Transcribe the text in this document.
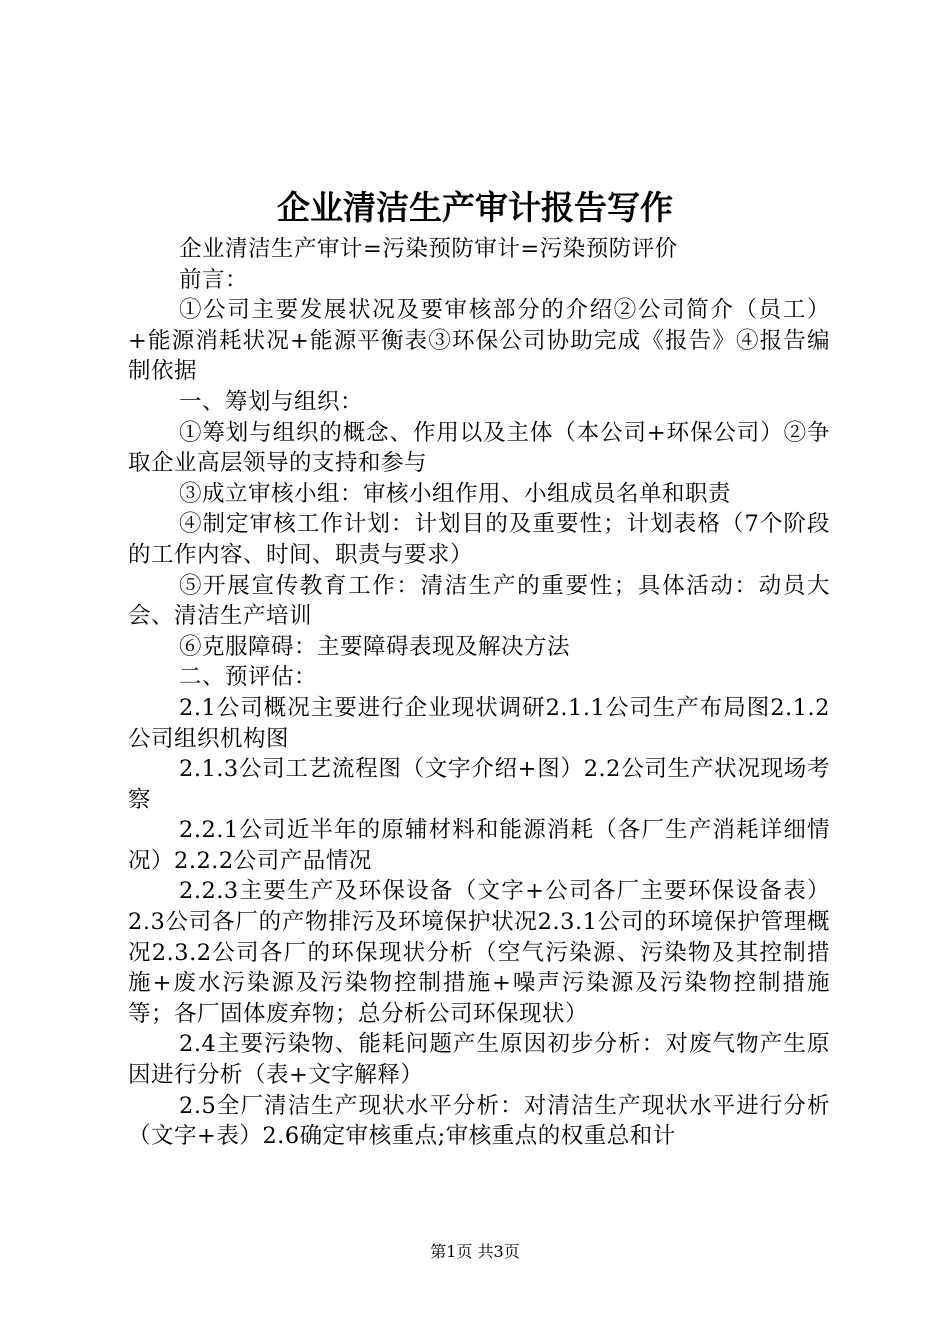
企业清洁生产审计报告写作

企业清洁生产审计=污染预防审计=污染预防评价

前言：

①公司主要发展状况及要审核部分的介绍②公司简介（员工）+能源消耗状况+能源平衡表③环保公司协助完成《报告》④报告编制依据

一、筹划与组织：

①筹划与组织的概念、作用以及主体（本公司+环保公司）②争取企业高层领导的支持和参与

③成立审核小组：审核小组作用、小组成员名单和职责

④制定审核工作计划：计划目的及重要性；计划表格（7个阶段的工作内容、时间、职责与要求）

⑤开展宣传教育工作：清洁生产的重要性；具体活动：动员大会、清洁生产培训

⑥克服障碍：主要障碍表现及解决方法

二、预评估：

2.1公司概况主要进行企业现状调研2.1.1公司生产布局图2.1.2公司组织机构图

2.1.3公司工艺流程图（文字介绍+图）2.2公司生产状况现场考察

2.2.1公司近半年的原辅材料和能源消耗（各厂生产消耗详细情况）2.2.2公司产品情况

2.2.3主要生产及环保设备（文字+公司各厂主要环保设备表）2.3公司各厂的产物排污及环境保护状况2.3.1公司的环境保护管理概况2.3.2公司各厂的环保现状分析（空气污染源、污染物及其控制措施+废水污染源及污染物控制措施+噪声污染源及污染物控制措施等；各厂固体废弃物；总分析公司环保现状）

2.4主要污染物、能耗问题产生原因初步分析：对废气物产生原因进行分析（表+文字解释）

2.5全厂清洁生产现状水平分析：对清洁生产现状水平进行分析（文字+表）2.6确定审核重点;审核重点的权重总和计

第1页 共3页
